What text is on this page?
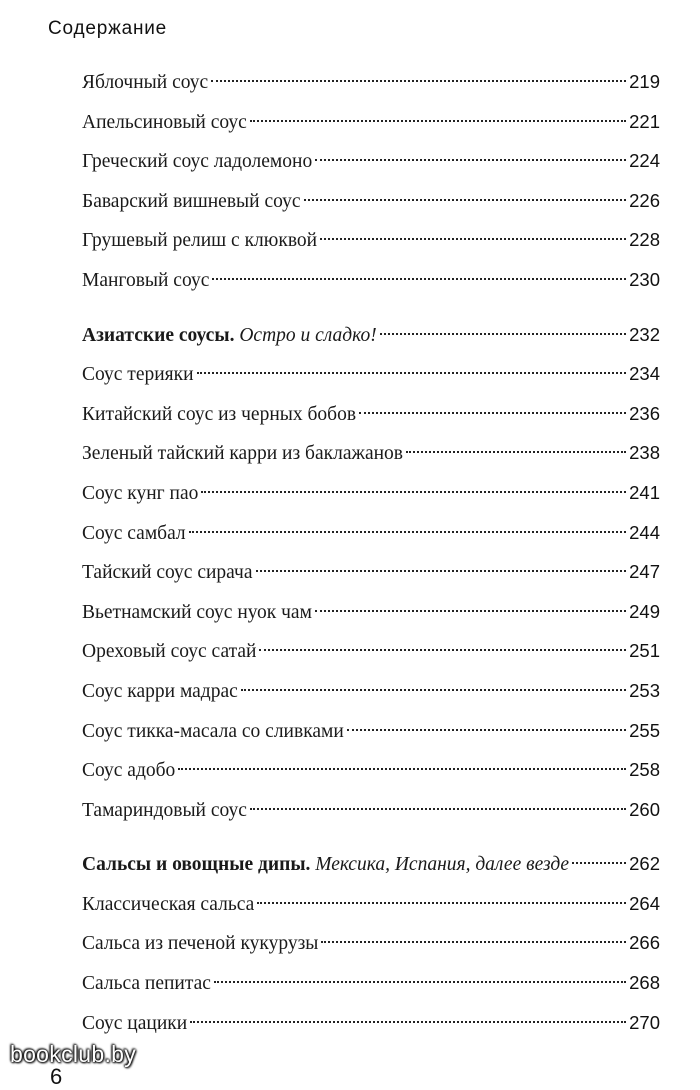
Содержание
Яблочный соус	219
Апельсиновый соус	221
Греческий соус ладолемоно	224
Баварский вишневый соус	226
Грушевый релиш с клюквой	228
Манговый соус	230
Азиатские соусы. Остро и сладко!	232
Соус терияки	234
Китайский соус из черных бобов	236
Зеленый тайский карри из баклажанов	238
Соус кунг пао	241
Соус самбал	244
Тайский соус сирача	247
Вьетнамский соус нуок чам	249
Ореховый соус сатай	251
Соус карри мадрас	253
Соус тикка-масала со сливками	255
Соус адобо	258
Тамариндовый соус	260
Сальсы и овощные дипы. Мексика, Испания, далее везде	262
Классическая сальса	264
Сальса из печеной кукурузы	266
Сальса пепитас	268
Соус цацики	270
bookclub.by
6
